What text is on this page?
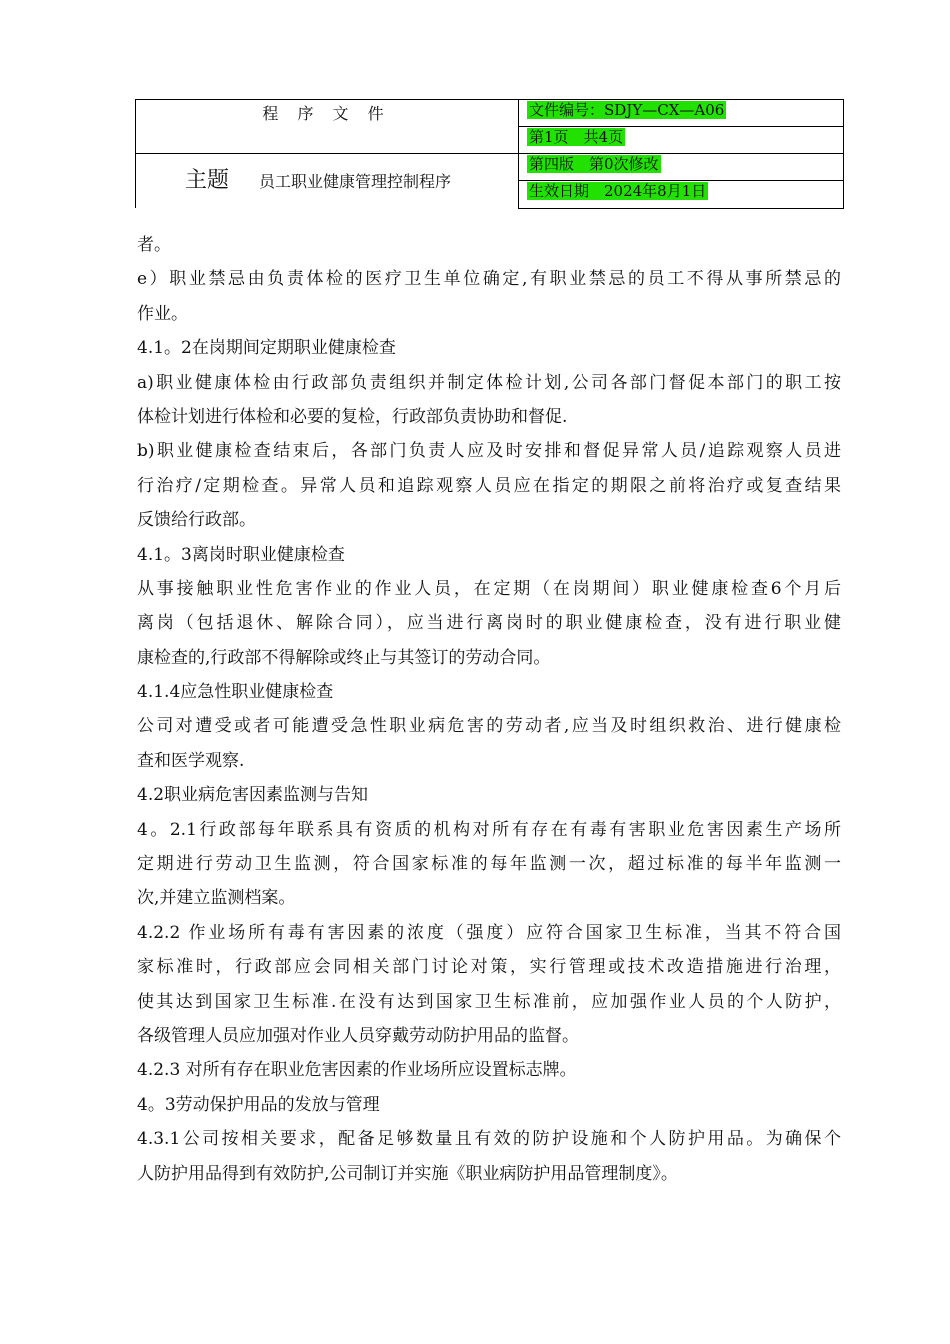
程 序 文 件
主题 员工职业健康管理控制程序
文件编号：SDJY—CX—A06
第1页　共4页
第四版　第0次修改
生效日期　2024年8月1日
者。
e）职业禁忌由负责体检的医疗卫生单位确定,有职业禁忌的员工不得从事所禁忌的
作业。
4.1。2在岗期间定期职业健康检查
a)职业健康体检由行政部负责组织并制定体检计划,公司各部门督促本部门的职工按
体检计划进行体检和必要的复检，行政部负责协助和督促.
b)职业健康检查结束后，各部门负责人应及时安排和督促异常人员/追踪观察人员进
行治疗/定期检查。异常人员和追踪观察人员应在指定的期限之前将治疗或复查结果
反馈给行政部。
4.1。3离岗时职业健康检查
从事接触职业性危害作业的作业人员，在定期（在岗期间）职业健康检查6个月后
离岗（包括退休、解除合同），应当进行离岗时的职业健康检查，没有进行职业健
康检查的,行政部不得解除或终止与其签订的劳动合同。
4.1.4应急性职业健康检查
公司对遭受或者可能遭受急性职业病危害的劳动者,应当及时组织救治、进行健康检
查和医学观察.
4.2职业病危害因素监测与告知
4。2.1行政部每年联系具有资质的机构对所有存在有毒有害职业危害因素生产场所
定期进行劳动卫生监测，符合国家标准的每年监测一次，超过标准的每半年监测一
次,并建立监测档案。
4.2.2 作业场所有毒有害因素的浓度（强度）应符合国家卫生标准，当其不符合国
家标准时，行政部应会同相关部门讨论对策，实行管理或技术改造措施进行治理，
使其达到国家卫生标准.在没有达到国家卫生标准前，应加强作业人员的个人防护，
各级管理人员应加强对作业人员穿戴劳动防护用品的监督。
4.2.3 对所有存在职业危害因素的作业场所应设置标志牌。
4。3劳动保护用品的发放与管理
4.3.1公司按相关要求，配备足够数量且有效的防护设施和个人防护用品。为确保个
人防护用品得到有效防护,公司制订并实施《职业病防护用品管理制度》。
